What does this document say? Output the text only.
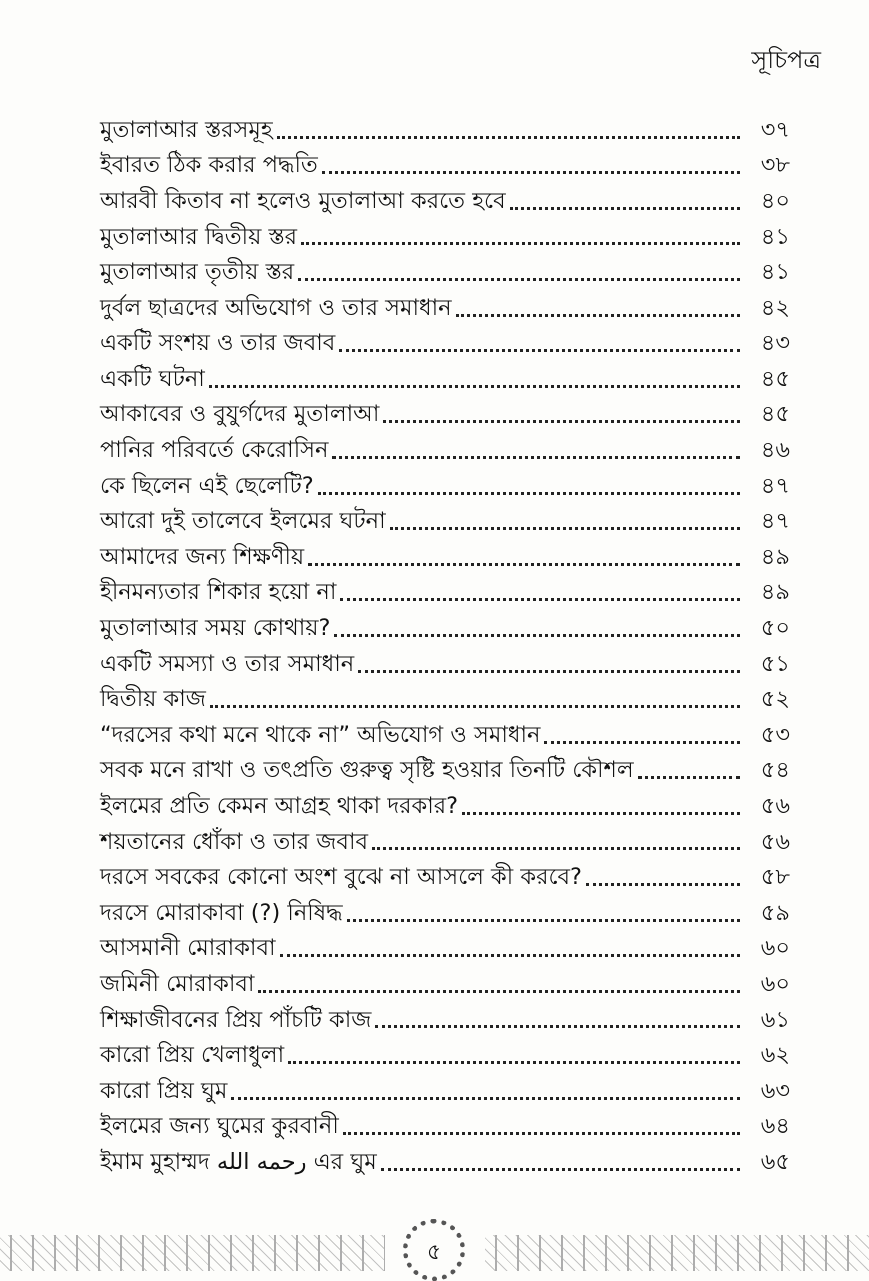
সূচিপত্র
মুতালাআর স্তরসমূহ	৩৭
ইবারত ঠিক করার পদ্ধতি	৩৮
আরবী কিতাব না হলেও মুতালাআ করতে হবে	৪০
মুতালাআর দ্বিতীয় স্তর	৪১
মুতালাআর তৃতীয় স্তর	৪১
দুর্বল ছাত্রদের অভিযোগ ও তার সমাধান	৪২
একটি সংশয় ও তার জবাব	৪৩
একটি ঘটনা	৪৫
আকাবের ও বুযুর্গদের মুতালাআ	৪৫
পানির পরিবর্তে কেরোসিন	৪৬
কে ছিলেন এই ছেলেটি?	৪৭
আরো দুই তালেবে ইলমের ঘটনা	৪৭
আমাদের জন্য শিক্ষণীয়	৪৯
হীনমন্যতার শিকার হয়ো না	৪৯
মুতালাআর সময় কোথায়?	৫০
একটি সমস্যা ও তার সমাধান	৫১
দ্বিতীয় কাজ	৫২
“দরসের কথা মনে থাকে না” অভিযোগ ও সমাধান	৫৩
সবক মনে রাখা ও তৎপ্রতি গুরুত্ব সৃষ্টি হওয়ার তিনটি কৌশল	৫৪
ইলমের প্রতি কেমন আগ্রহ থাকা দরকার?	৫৬
শয়তানের ধোঁকা ও তার জবাব	৫৬
দরসে সবকের কোনো অংশ বুঝে না আসলে কী করবে?	৫৮
দরসে মোরাকাবা (?) নিষিদ্ধ	৫৯
আসমানী মোরাকাবা	৬০
জমিনী মোরাকাবা	৬০
শিক্ষাজীবনের প্রিয় পাঁচটি কাজ	৬১
কারো প্রিয় খেলাধুলা	৬২
কারো প্রিয় ঘুম	৬৩
ইলমের জন্য ঘুমের কুরবানী	৬৪
ইমাম মুহাম্মদ رحمه الله এর ঘুম	৬৫
৫
